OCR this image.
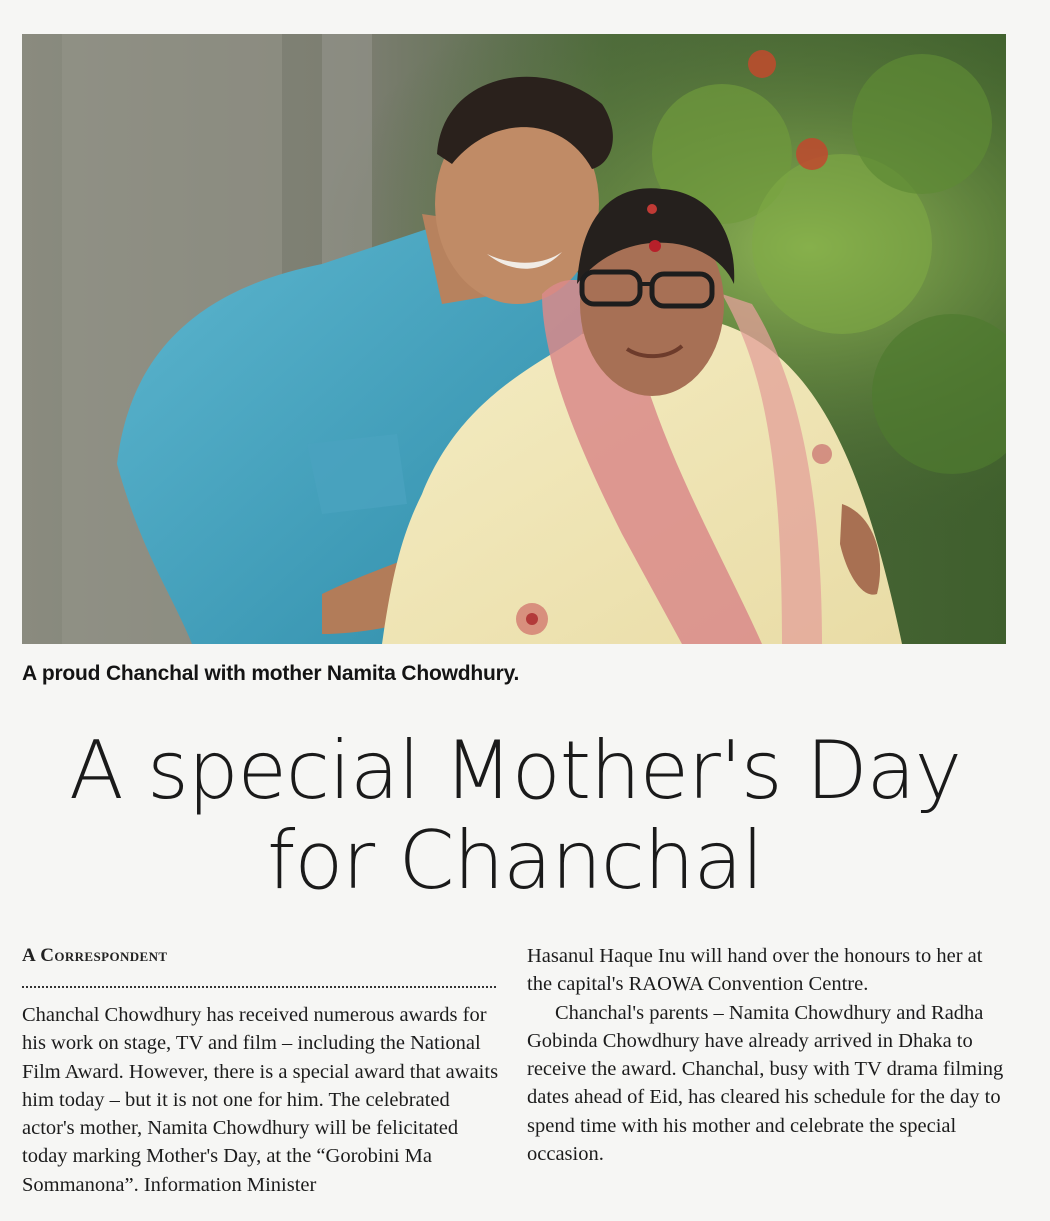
A proud Chanchal with mother Namita Chowdhury.
A special Mother's Day
for Chanchal
A Correspondent

Chanchal Chowdhury has received numerous awards for his work on stage, TV and film – including the National Film Award. However, there is a special award that awaits him today – but it is not one for him. The celebrated actor's mother, Namita Chowdhury will be felicitated today marking Mother's Day, at the “Gorobini Ma Sommanona”. Information Minister

Hasanul Haque Inu will hand over the honours to her at the capital's RAOWA Convention Centre.

Chanchal's parents – Namita Chowdhury and Radha Gobinda Chowdhury have already arrived in Dhaka to receive the award. Chanchal, busy with TV drama filming dates ahead of Eid, has cleared his schedule for the day to spend time with his mother and celebrate the special occasion.
